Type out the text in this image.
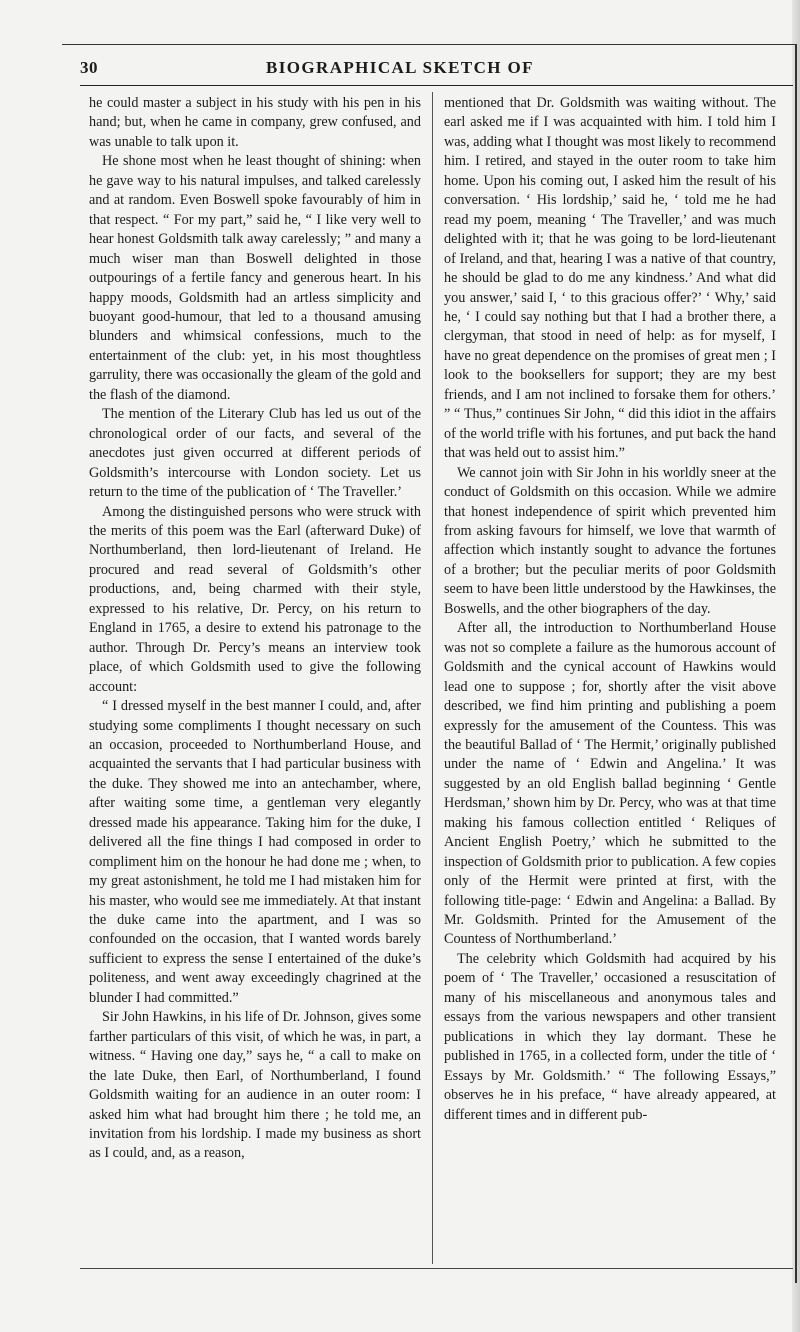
30	BIOGRAPHICAL SKETCH OF

he could master a subject in his study with his pen in his hand; but, when he came in company, grew confused, and was unable to talk upon it.

He shone most when he least thought of shining: when he gave way to his natural impulses, and talked carelessly and at random. Even Boswell spoke favourably of him in that respect. “ For my part,” said he, “ I like very well to hear honest Goldsmith talk away carelessly; ” and many a much wiser man than Boswell delighted in those outpourings of a fertile fancy and generous heart. In his happy moods, Goldsmith had an artless simplicity and buoyant good-humour, that led to a thousand amusing blunders and whimsical confessions, much to the entertainment of the club: yet, in his most thoughtless garrulity, there was occasionally the gleam of the gold and the flash of the diamond.

The mention of the Literary Club has led us out of the chronological order of our facts, and several of the anecdotes just given occurred at different periods of Goldsmith’s intercourse with London society. Let us return to the time of the publication of ‘ The Traveller.’

Among the distinguished persons who were struck with the merits of this poem was the Earl (afterward Duke) of Northumberland, then lord-lieutenant of Ireland. He procured and read several of Goldsmith’s other productions, and, being charmed with their style, expressed to his relative, Dr. Percy, on his return to England in 1765, a desire to extend his patronage to the author. Through Dr. Percy’s means an interview took place, of which Goldsmith used to give the following account:

“ I dressed myself in the best manner I could, and, after studying some compliments I thought necessary on such an occasion, proceeded to Northumberland House, and acquainted the servants that I had particular business with the duke. They showed me into an antechamber, where, after waiting some time, a gentleman very elegantly dressed made his appearance. Taking him for the duke, I delivered all the fine things I had composed in order to compliment him on the honour he had done me ; when, to my great astonishment, he told me I had mistaken him for his master, who would see me immediately. At that instant the duke came into the apartment, and I was so confounded on the occasion, that I wanted words barely sufficient to express the sense I entertained of the duke’s politeness, and went away exceedingly chagrined at the blunder I had committed.”

Sir John Hawkins, in his life of Dr. Johnson, gives some farther particulars of this visit, of which he was, in part, a witness. “ Having one day,” says he, “ a call to make on the late Duke, then Earl, of Northumberland, I found Goldsmith waiting for an audience in an outer room: I asked him what had brought him there ; he told me, an invitation from his lordship. I made my business as short as I could, and, as a reason,

mentioned that Dr. Goldsmith was waiting without. The earl asked me if I was acquainted with him. I told him I was, adding what I thought was most likely to recommend him. I retired, and stayed in the outer room to take him home. Upon his coming out, I asked him the result of his conversation. ‘ His lordship,’ said he, ‘ told me he had read my poem, meaning ‘ The Traveller,’ and was much delighted with it; that he was going to be lord-lieutenant of Ireland, and that, hearing I was a native of that country, he should be glad to do me any kindness.’ And what did you answer,’ said I, ‘ to this gracious offer?’ ‘ Why,’ said he, ‘ I could say nothing but that I had a brother there, a clergyman, that stood in need of help: as for myself, I have no great dependence on the promises of great men ; I look to the booksellers for support; they are my best friends, and I am not inclined to forsake them for others.’ ” “ Thus,” continues Sir John, “ did this idiot in the affairs of the world trifle with his fortunes, and put back the hand that was held out to assist him.”

We cannot join with Sir John in his worldly sneer at the conduct of Goldsmith on this occasion. While we admire that honest independence of spirit which prevented him from asking favours for himself, we love that warmth of affection which instantly sought to advance the fortunes of a brother; but the peculiar merits of poor Goldsmith seem to have been little understood by the Hawkinses, the Boswells, and the other biographers of the day.

After all, the introduction to Northumberland House was not so complete a failure as the humorous account of Goldsmith and the cynical account of Hawkins would lead one to suppose ; for, shortly after the visit above described, we find him printing and publishing a poem expressly for the amusement of the Countess. This was the beautiful Ballad of ‘ The Hermit,’ originally published under the name of ‘ Edwin and Angelina.’ It was suggested by an old English ballad beginning ‘ Gentle Herdsman,’ shown him by Dr. Percy, who was at that time making his famous collection entitled ‘ Reliques of Ancient English Poetry,’ which he submitted to the inspection of Goldsmith prior to publication. A few copies only of the Hermit were printed at first, with the following title-page: ‘ Edwin and Angelina: a Ballad. By Mr. Goldsmith. Printed for the Amusement of the Countess of Northumberland.’

The celebrity which Goldsmith had acquired by his poem of ‘ The Traveller,’ occasioned a resuscitation of many of his miscellaneous and anonymous tales and essays from the various newspapers and other transient publications in which they lay dormant. These he published in 1765, in a collected form, under the title of ‘ Essays by Mr. Goldsmith.’ “ The following Essays,” observes he in his preface, “ have already appeared, at different times and in different pub-
